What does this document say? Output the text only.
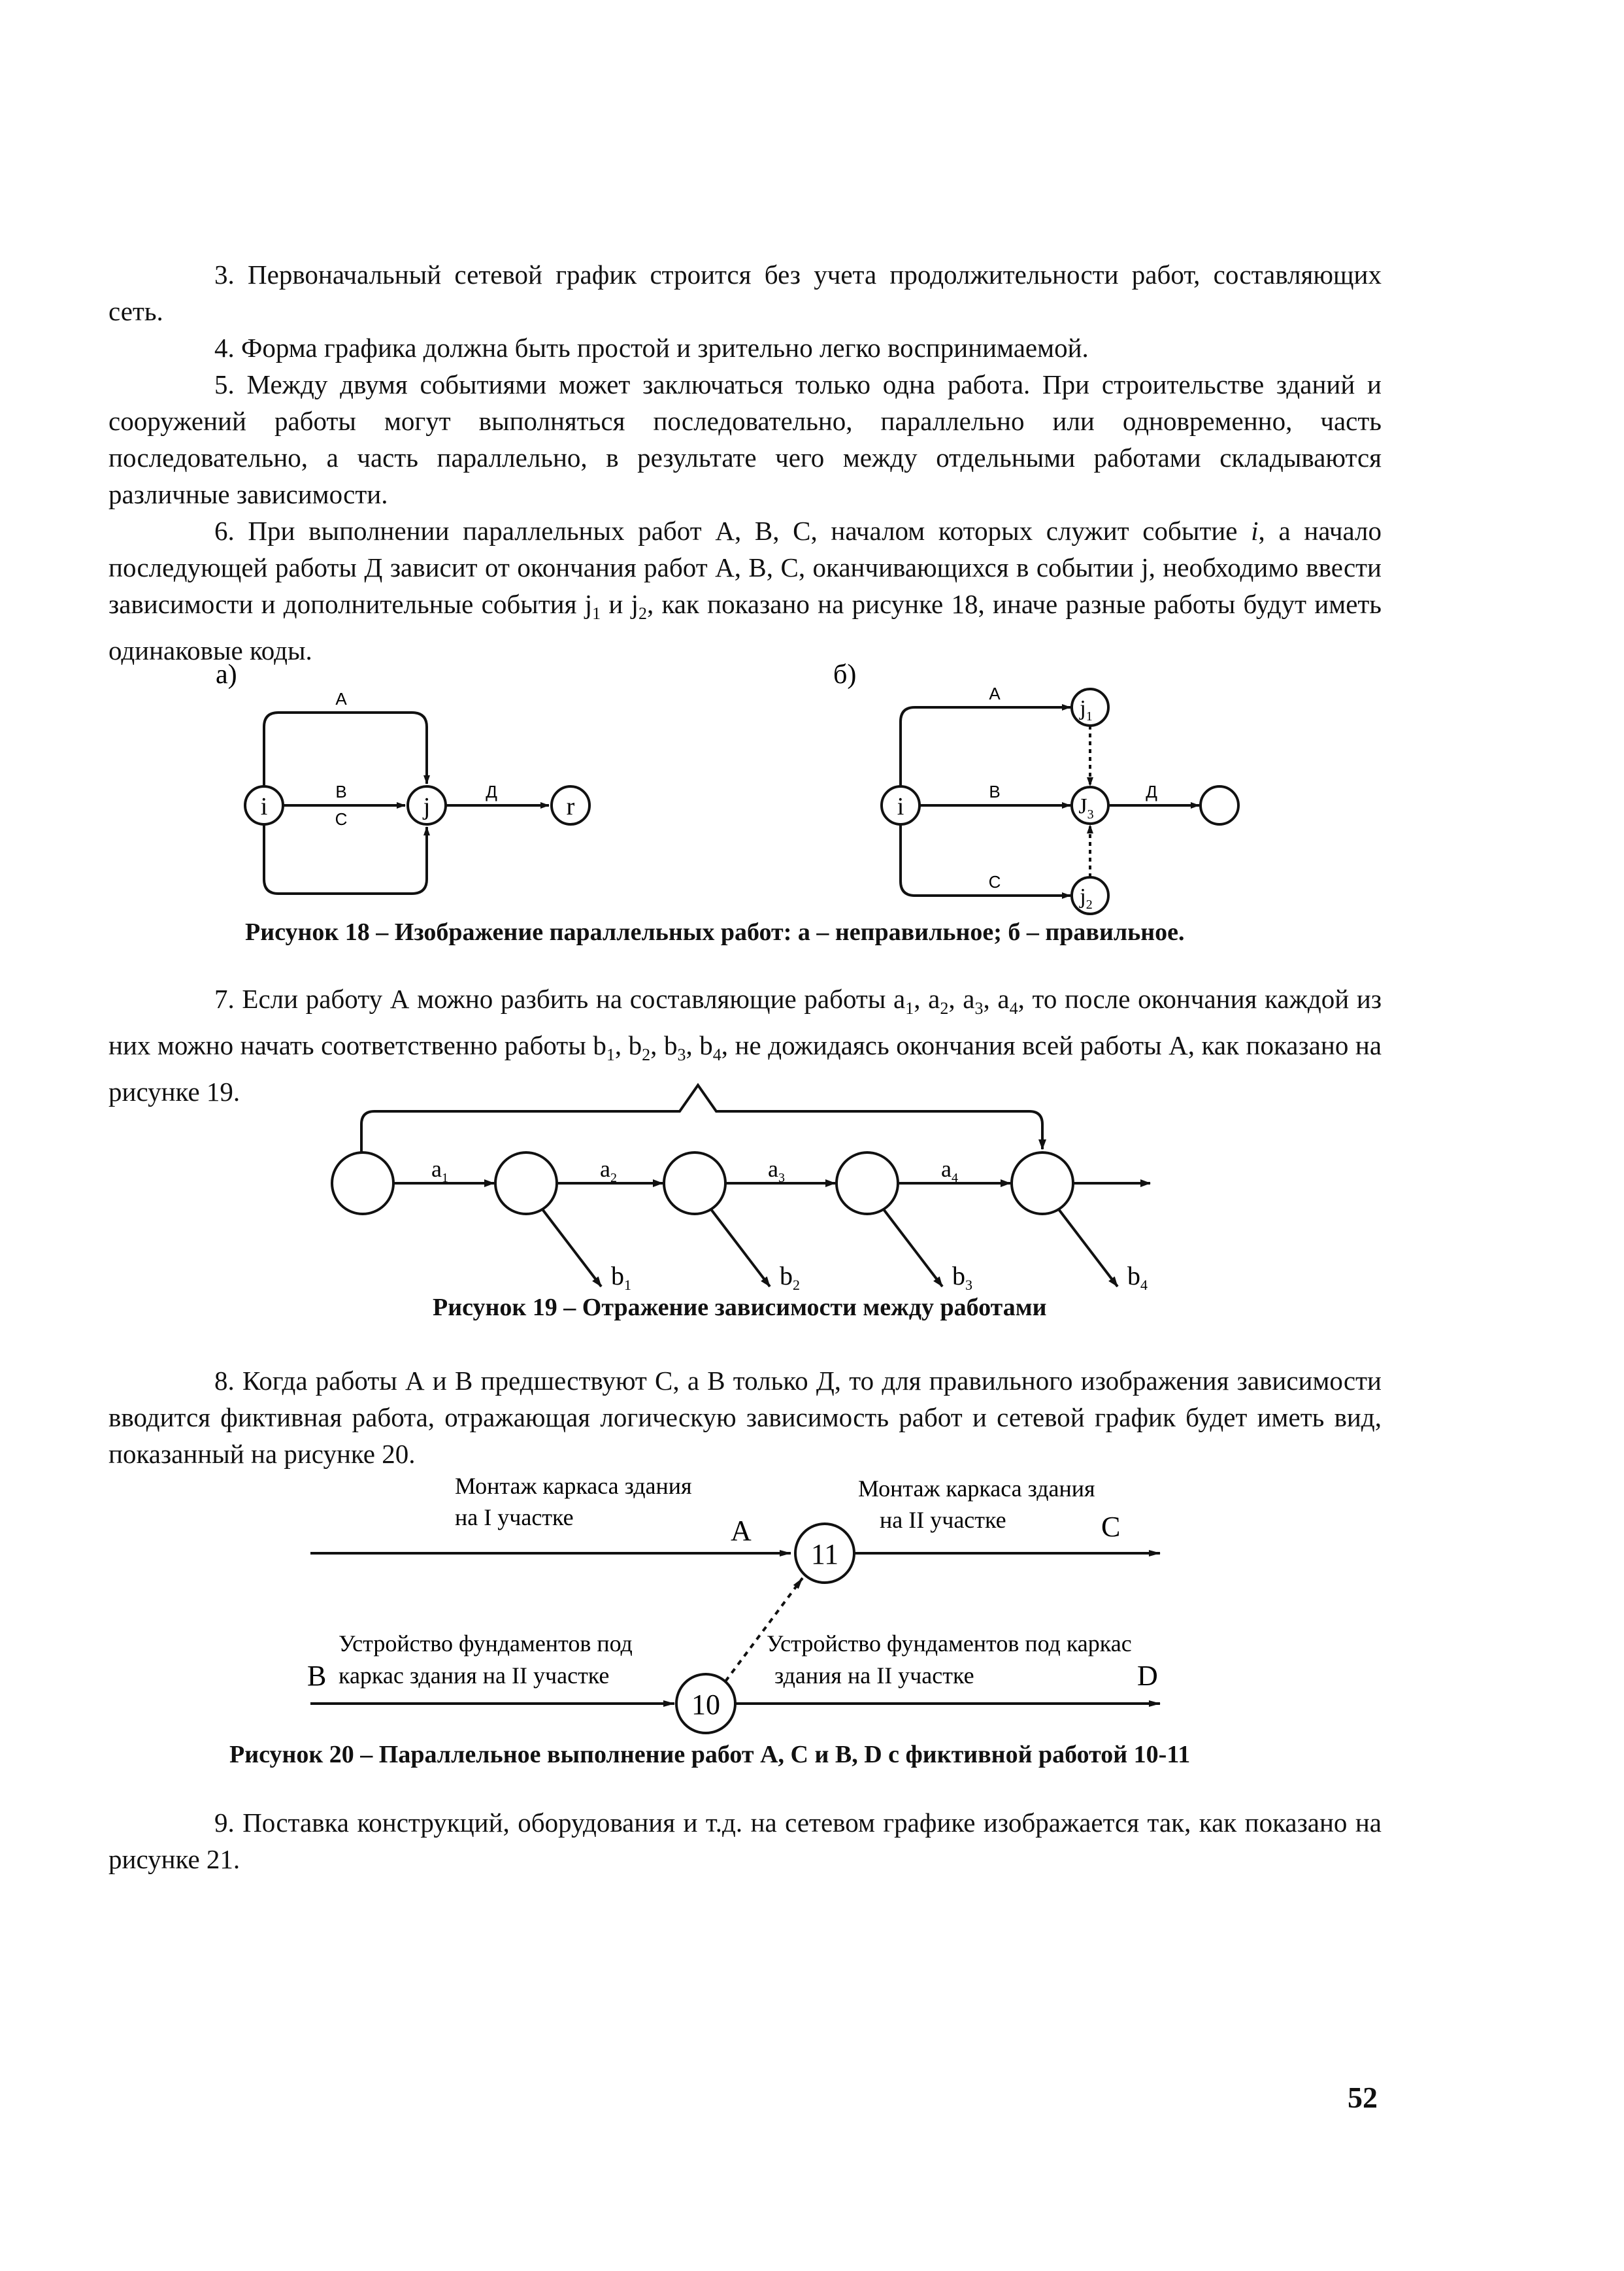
3. Первоначальный сетевой график строится без учета продолжительности работ, составляющих сеть.

4. Форма графика должна быть простой и зрительно легко воспринимаемой.

5. Между двумя событиями может заключаться только одна работа. При строительстве зданий и сооружений работы могут выполняться последовательно, параллельно или одновременно, часть последовательно, а часть параллельно, в результате чего между отдельными работами складываются различные зависимости.

6. При выполнении параллельных работ А, В, С, началом которых служит событие i, а начало последующей работы Д зависит от окончания работ А, В, С, оканчивающихся в событии j, необходимо ввести зависимости и дополнительные события $j_1$ и $j_2$, как показано на рисунке 18, иначе разные работы будут иметь одинаковые коды.

а)	б)
i	j	r
А
В
С
Д
i
$j_1$
$J_3$
$j_2$
А
В
С
Д
Рисунок 18 – Изображение параллельных работ: а – неправильное; б – правильное.

7. Если работу А можно разбить на составляющие работы $a_1$, $a_2$, $a_3$, $a_4$, то после окончания каждой из них можно начать соответственно работы $b_1$, $b_2$, $b_3$, $b_4$, не дожидаясь окончания всей работы А, как показано на рисунке 19.

$a_1$	$a_2$	$a_3$	$a_4$
$b_1$	$b_2$	$b_3$	$b_4$
Рисунок 19 – Отражение зависимости между работами

8. Когда работы А и В предшествуют С, а В только Д, то для правильного изображения зависимости вводится фиктивная работа, отражающая логическую зависимость работ и сетевой график будет иметь вид, показанный на рисунке 20.

Монтаж каркаса здания
на I участке	А
11
Монтаж каркаса здания
на II участке	С
Устройство фундаментов под
В каркас здания на II участке
10
Устройство фундаментов под каркас
здания на II участке	D
Рисунок 20 – Параллельное выполнение работ А, С и В, D с фиктивной работой 10-11

9. Поставка конструкций, оборудования и т.д. на сетевом графике изображается так, как показано на рисунке 21.

52
